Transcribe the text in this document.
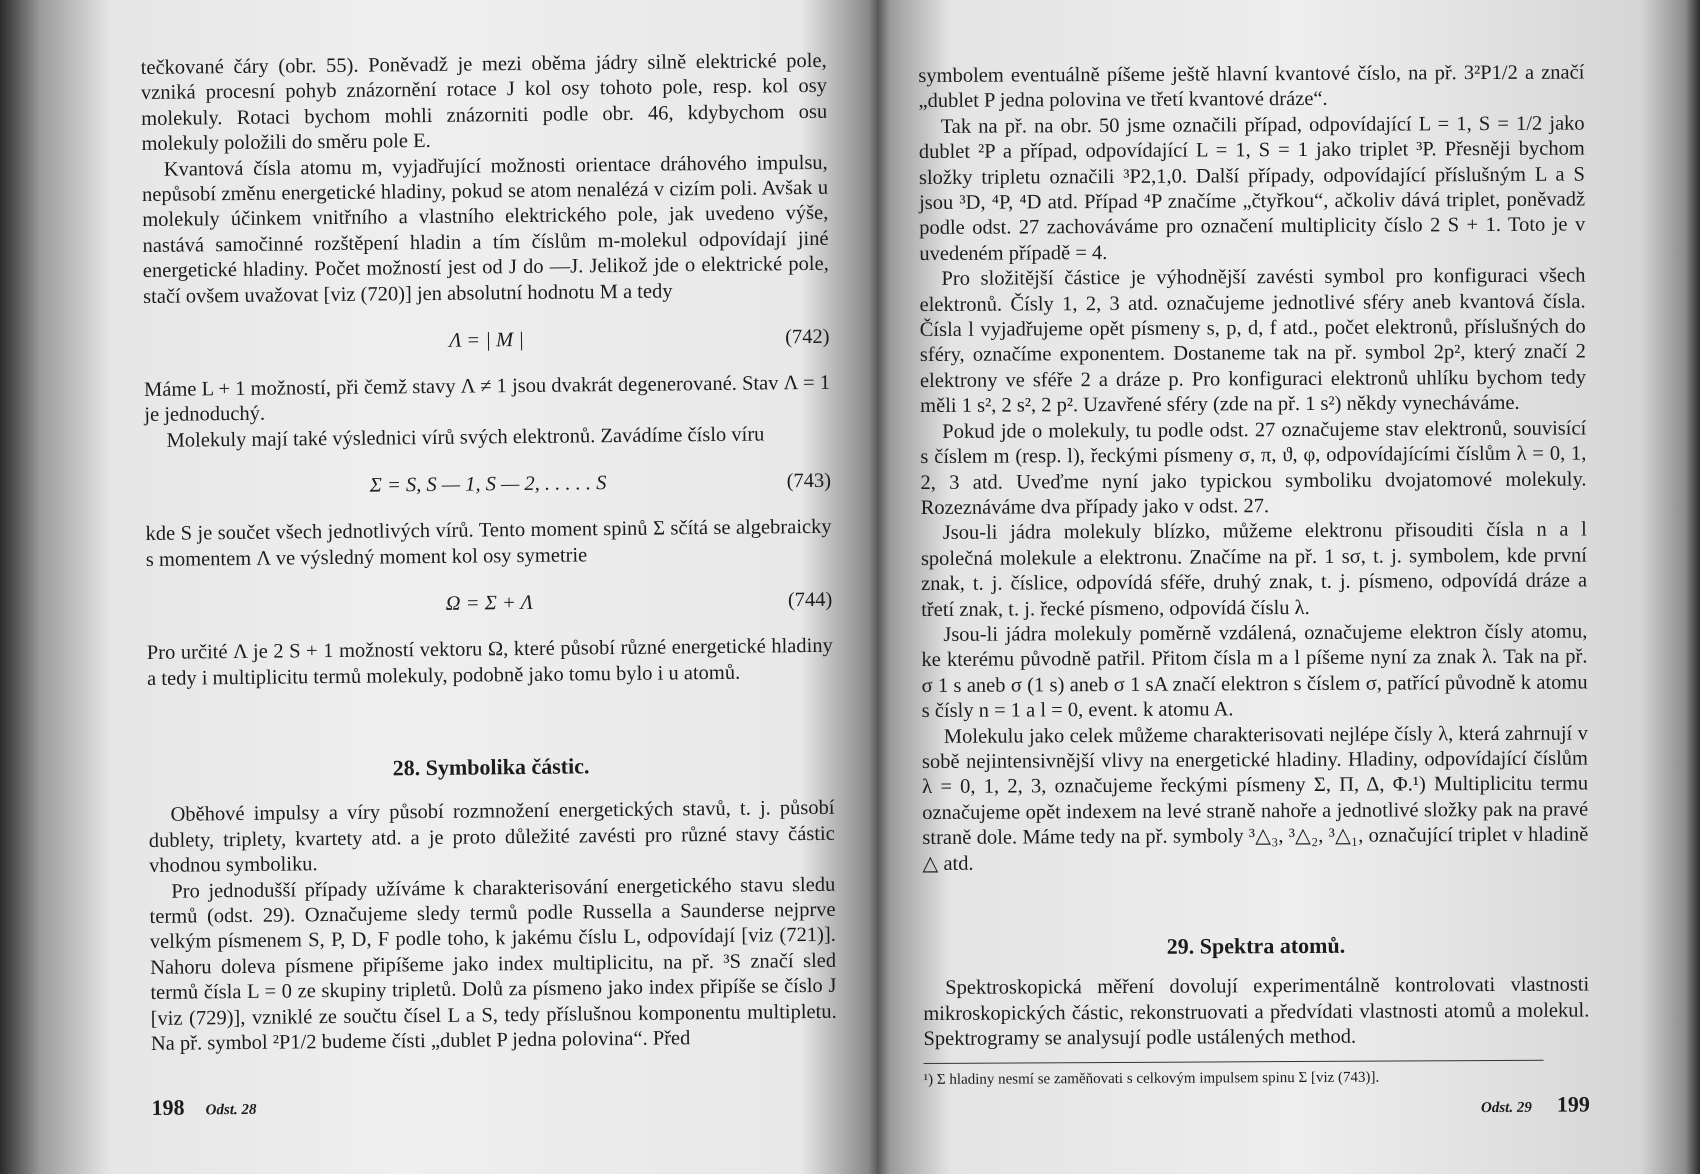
tečkované čáry (obr. 55). Poněvadž je mezi oběma jádry silně elektrické pole, vzniká procesní pohyb znázornění rotace J kol osy tohoto pole, resp. kol osy molekuly. Rotaci bychom mohli znázorniti podle obr. 46, kdybychom osu molekuly položili do směru pole E.

Kvantová čísla atomu m, vyjadřující možnosti orientace dráhového impulsu, nepůsobí změnu energetické hladiny, pokud se atom nenalézá v cizím poli. Avšak u molekuly účinkem vnitřního a vlastního elektrického pole, jak uvedeno výše, nastává samočinné rozštěpení hladin a tím číslům m-molekul odpovídají jiné energetické hladiny. Počet možností jest od J do —J. Jelikož jde o elektrické pole, stačí ovšem uvažovat [viz (720)] jen absolutní hodnotu M a tedy

Λ = | M |	(742)

Máme L + 1 možností, při čemž stavy Λ ≠ 1 jsou dvakrát degenerované. Stav Λ = 1 je jednoduchý.

Molekuly mají také výslednici vírů svých elektronů. Zavádíme číslo víru

Σ = S, S — 1, S — 2, . . . . . S	(743)

kde S je součet všech jednotlivých vírů. Tento moment spinů Σ sčítá se algebraicky s momentem Λ ve výsledný moment kol osy symetrie

Ω = Σ + Λ	(744)

Pro určité Λ je 2 S + 1 možností vektoru Ω, které působí různé energetické hladiny a tedy i multiplicitu termů molekuly, podobně jako tomu bylo i u atomů.

28. Symbolika částic.

Oběhové impulsy a víry působí rozmnožení energetických stavů, t. j. působí dublety, triplety, kvartety atd. a je proto důležité zavésti pro různé stavy částic vhodnou symboliku.

Pro jednodušší případy užíváme k charakterisování energetického stavu sledu termů (odst. 29). Označujeme sledy termů podle Russella a Saunderse nejprve velkým písmenem S, P, D, F podle toho, k jakému číslu L, odpovídají [viz (721)]. Nahoru doleva písmene připíšeme jako index multiplicitu, na př. ³S značí sled termů čísla L = 0 ze skupiny tripletů. Dolů za písmeno jako index připíše se číslo J [viz (729)], vzniklé ze součtu čísel L a S, tedy příslušnou komponentu multipletu. Na př. symbol ²P1/2 budeme čísti „dublet P jedna polovina“. Před

198 Odst. 28

symbolem eventuálně píšeme ještě hlavní kvantové číslo, na př. 3²P1/2 a značí „dublet P jedna polovina ve třetí kvantové dráze“.

Tak na př. na obr. 50 jsme označili případ, odpovídající L = 1, S = 1/2 jako dublet ²P a případ, odpovídající L = 1, S = 1 jako triplet ³P. Přesněji bychom složky tripletu označili ³P2,1,0. Další případy, odpovídající příslušným L a S jsou ³D, ⁴P, ⁴D atd. Případ ⁴P značíme „čtyřkou“, ačkoliv dává triplet, poněvadž podle odst. 27 zachováváme pro označení multiplicity číslo 2 S + 1. Toto je v uvedeném případě = 4.

Pro složitější částice je výhodnější zavésti symbol pro konfiguraci všech elektronů. Čísly 1, 2, 3 atd. označujeme jednotlivé sféry aneb kvantová čísla. Čísla l vyjadřujeme opět písmeny s, p, d, f atd., počet elektronů, příslušných do sféry, označíme exponentem. Dostaneme tak na př. symbol 2p², který značí 2 elektrony ve sféře 2 a dráze p. Pro konfiguraci elektronů uhlíku bychom tedy měli 1 s², 2 s², 2 p². Uzavřené sféry (zde na př. 1 s²) někdy vynecháváme.

Pokud jde o molekuly, tu podle odst. 27 označujeme stav elektronů, souvisící s číslem m (resp. l), řeckými písmeny σ, π, ϑ, φ, odpovídajícími číslům λ = 0, 1, 2, 3 atd. Uveďme nyní jako typickou symboliku dvojatomové molekuly. Rozeznáváme dva případy jako v odst. 27.

Jsou-li jádra molekuly blízko, můžeme elektronu přisouditi čísla n a l společná molekule a elektronu. Značíme na př. 1 sσ, t. j. symbolem, kde první znak, t. j. číslice, odpovídá sféře, druhý znak, t. j. písmeno, odpovídá dráze a třetí znak, t. j. řecké písmeno, odpovídá číslu λ.

Jsou-li jádra molekuly poměrně vzdálená, označujeme elektron čísly atomu, ke kterému původně patřil. Přitom čísla m a l píšeme nyní za znak λ. Tak na př. σ 1 s aneb σ (1 s) aneb σ 1 sA značí elektron s číslem σ, patřící původně k atomu s čísly n = 1 a l = 0, event. k atomu A.

Molekulu jako celek můžeme charakterisovati nejlépe čísly λ, která zahrnují v sobě nejintensivnější vlivy na energetické hladiny. Hladiny, odpovídající číslům λ = 0, 1, 2, 3, označujeme řeckými písmeny Σ, Π, Δ, Φ.¹) Multiplicitu termu označujeme opět indexem na levé straně nahoře a jednotlivé složky pak na pravé straně dole. Máme tedy na př. symboly ³△₃, ³△₂, ³△₁, označující triplet v hladině △ atd.

29. Spektra atomů.

Spektroskopická měření dovolují experimentálně kontrolovati vlastnosti mikroskopických částic, rekonstruovati a předvídati vlastnosti atomů a molekul. Spektrogramy se analysují podle ustálených method.

¹) Σ hladiny nesmí se zaměňovati s celkovým impulsem spinu Σ [viz (743)].

Odst. 29 199
